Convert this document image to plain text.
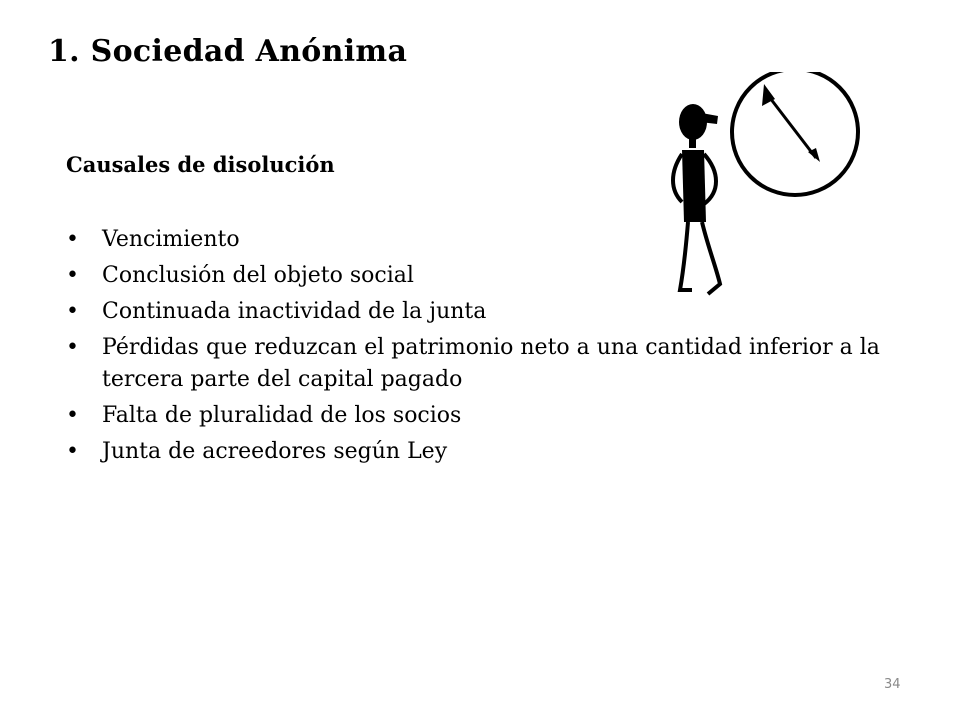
1. Sociedad Anónima
Causales de disolución
• Vencimiento
• Conclusión del objeto social
• Continuada inactividad de la junta
• Pérdidas que reduzcan el patrimonio neto a una cantidad inferior a la tercera parte del capital pagado
• Falta de pluralidad de los socios
• Junta de acreedores según Ley
34
